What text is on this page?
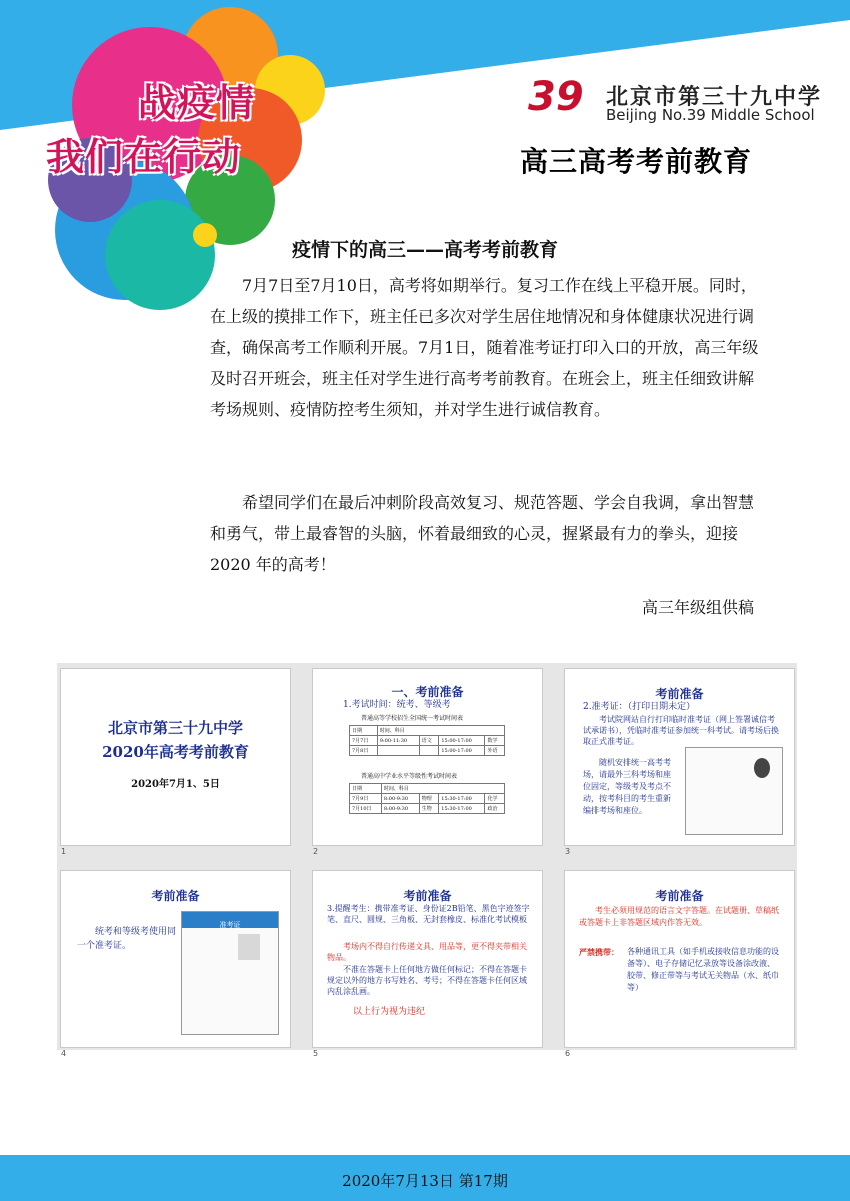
战疫情
我们在行动
39 北京市第三十九中学
Beijing No.39 Middle School
高三高考考前教育
疫情下的高三——高考考前教育

7月7日至7月10日，高考将如期举行。复习工作在线上平稳开展。同时，在上级的摸排工作下，班主任已多次对学生居住地情况和身体健康状况进行调查，确保高考工作顺利开展。7月1日，随着准考证打印入口的开放，高三年级及时召开班会，班主任对学生进行高考考前教育。在班会上，班主任细致讲解考场规则、疫情防控考生须知，并对学生进行诚信教育。

希望同学们在最后冲刺阶段高效复习、规范答题、学会自我调，拿出智慧和勇气，带上最睿智的头脑，怀着最细致的心灵，握紧最有力的拳头，迎接 2020 年的高考！

高三年级组供稿
北京市第三十九中学
2020年高考考前教育
2020年7月1、5日
1
一、考前准备
1.考试时间：统考、等级考
普通高等学校招生全国统一考试时间表
日期	时间、科目			
7月7日	9:00-11:30	语文	15:00-17:00	数学
7月8日			15:00-17:00	外语
普通高中学业水平等级性考试时间表
日期	时间、科目			
7月9日	8:00-9:30	物理	15:30-17:00	化学
7月10日	8:00-9:30	生物	15:30-17:00	政治
2
考前准备
2.准考证：（打印日期未定）
考试院网站自行打印临时准考证（网上签署诚信考试承诺书），凭临时准考证参加统一科考试。请考场后换取正式准考证。
随机安排统一高考考场，请最外三科考场和座位固定，等级考及考点不动，按考科目的考生重新编排考场和座位。
3
考前准备
统考和等级考使用同一个准考证。
准考证
4
考前准备
3.提醒考生：携带准考证、身份证2B铅笔、黑色字迹签字笔、直尺、圆规、三角板、无封套橡皮、标准化考试模板
考场内不得自行传递文具、用品等，更不得夹带相关物品。
不准在答题卡上任何地方做任何标记；不得在答题卡规定以外的地方书写姓名、考号；不得在答题卡任何区域内乱涂乱画。
以上行为视为违纪
5
考前准备
考生必须用规范的语言文字答题。在试题册、草稿纸或答题卡上非答题区域内作答无效。
严禁携带：	各种通讯工具（如手机或接收信息功能的设备等）、电子存储记忆录放等设备涂改液、胶带、修正带等与考试无关物品（水、纸巾等）
6
2020年7月13日 第17期
